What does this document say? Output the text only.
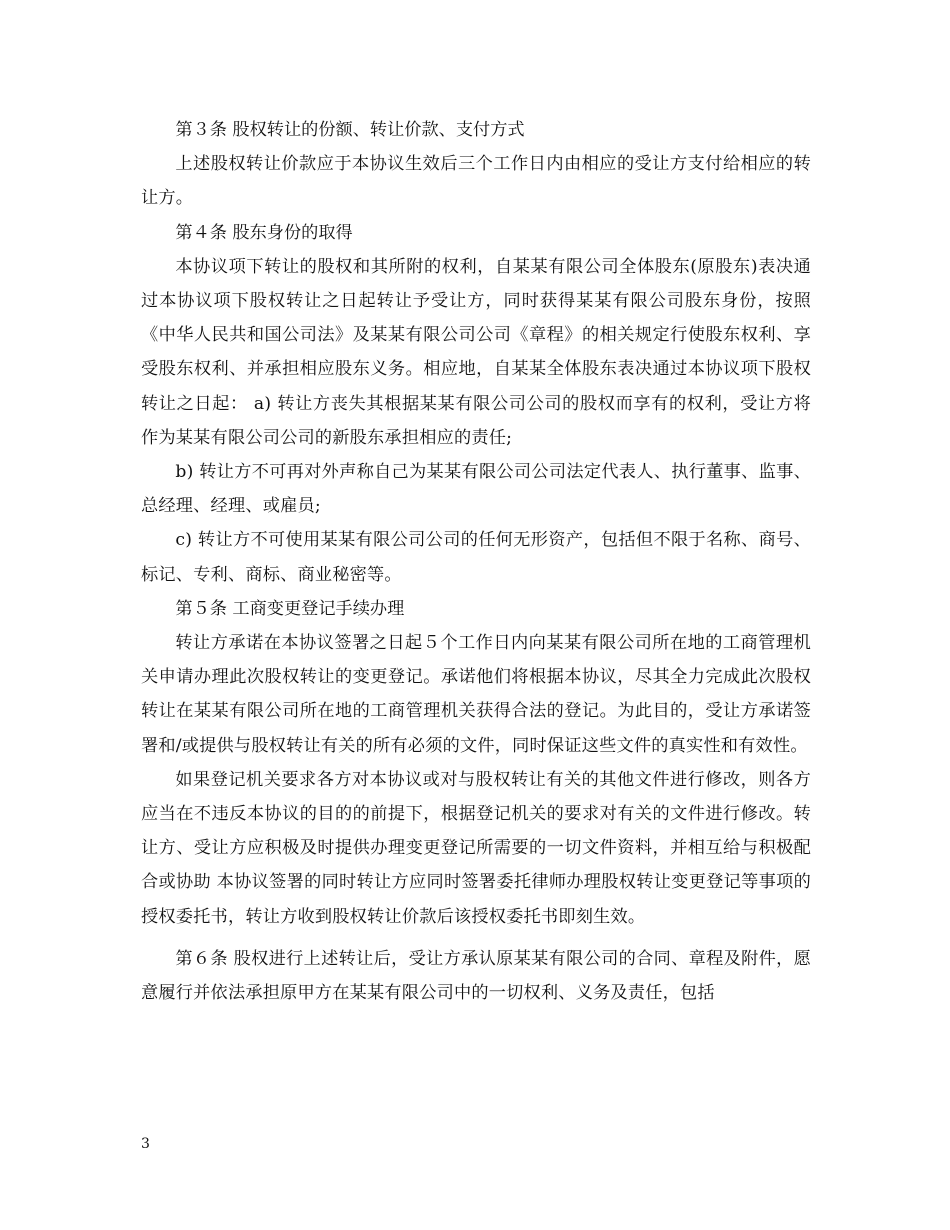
第３条 股权转让的份额、转让价款、支付方式

上述股权转让价款应于本协议生效后三个工作日内由相应的受让方支付给相应的转让方。

第４条 股东身份的取得

本协议项下转让的股权和其所附的权利，自某某有限公司全体股东(原股东)表决通过本协议项下股权转让之日起转让予受让方，同时获得某某有限公司股东身份，按照《中华人民共和国公司法》及某某有限公司公司《章程》的相关规定行使股东权利、享受股东权利、并承担相应股东义务。相应地，自某某全体股东表决通过本协议项下股权转让之日起： a) 转让方丧失其根据某某有限公司公司的股权而享有的权利，受让方将作为某某有限公司公司的新股东承担相应的责任;

b) 转让方不可再对外声称自己为某某有限公司公司法定代表人、执行董事、监事、总经理、经理、或雇员;

c) 转让方不可使用某某有限公司公司的任何无形资产，包括但不限于名称、商号、标记、专利、商标、商业秘密等。

第５条 工商变更登记手续办理

转让方承诺在本协议签署之日起５个工作日内向某某有限公司所在地的工商管理机关申请办理此次股权转让的变更登记。承诺他们将根据本协议，尽其全力完成此次股权转让在某某有限公司所在地的工商管理机关获得合法的登记。为此目的，受让方承诺签署和/或提供与股权转让有关的所有必须的文件，同时保证这些文件的真实性和有效性。

如果登记机关要求各方对本协议或对与股权转让有关的其他文件进行修改，则各方应当在不违反本协议的目的的前提下，根据登记机关的要求对有关的文件进行修改。转让方、受让方应积极及时提供办理变更登记所需要的一切文件资料，并相互给与积极配合或协助 本协议签署的同时转让方应同时签署委托律师办理股权转让变更登记等事项的授权委托书，转让方收到股权转让价款后该授权委托书即刻生效。

第６条 股权进行上述转让后，受让方承认原某某有限公司的合同、章程及附件，愿意履行并依法承担原甲方在某某有限公司中的一切权利、义务及责任，包括

3
